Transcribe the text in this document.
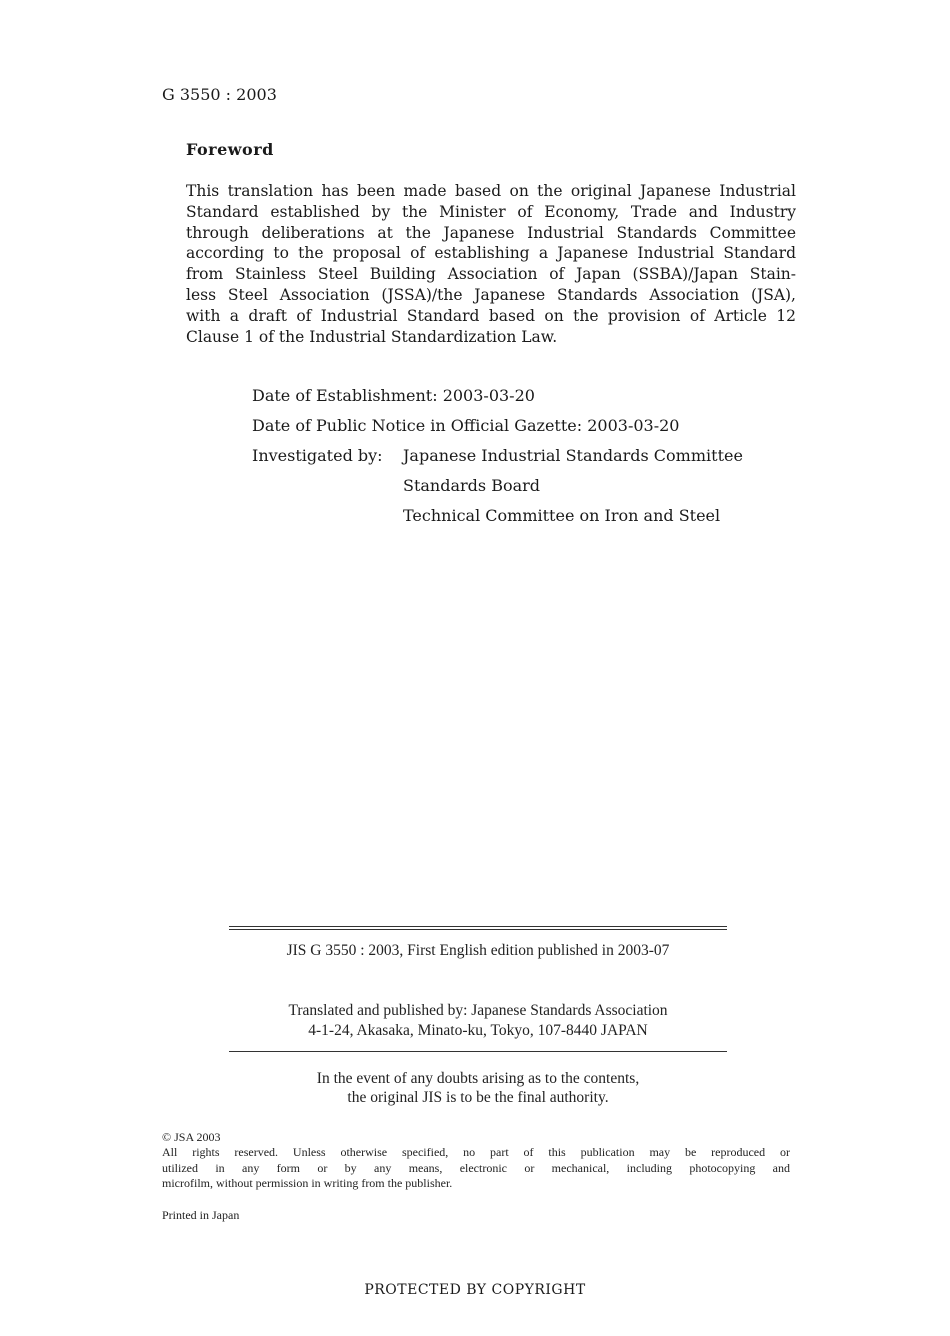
G 3550 : 2003
Foreword
This translation has been made based on the original Japanese Industrial
Standard established by the Minister of Economy, Trade and Industry
through deliberations at the Japanese Industrial Standards Committee
according to the proposal of establishing a Japanese Industrial Standard
from Stainless Steel Building Association of Japan (SSBA)/Japan Stain-
less Steel Association (JSSA)/the Japanese Standards Association (JSA),
with a draft of Industrial Standard based on the provision of Article 12
Clause 1 of the Industrial Standardization Law.
Date of Establishment: 2003-03-20
Date of Public Notice in Official Gazette: 2003-03-20
Investigated by: Japanese Industrial Standards Committee
Standards Board
Technical Committee on Iron and Steel
JIS G 3550 : 2003, First English edition published in 2003-07
Translated and published by: Japanese Standards Association
4-1-24, Akasaka, Minato-ku, Tokyo, 107-8440 JAPAN
In the event of any doubts arising as to the contents,
the original JIS is to be the final authority.
© JSA 2003
All rights reserved. Unless otherwise specified, no part of this publication may be reproduced or
utilized in any form or by any means, electronic or mechanical, including photocopying and
microfilm, without permission in writing from the publisher.
Printed in Japan
PROTECTED BY COPYRIGHT
